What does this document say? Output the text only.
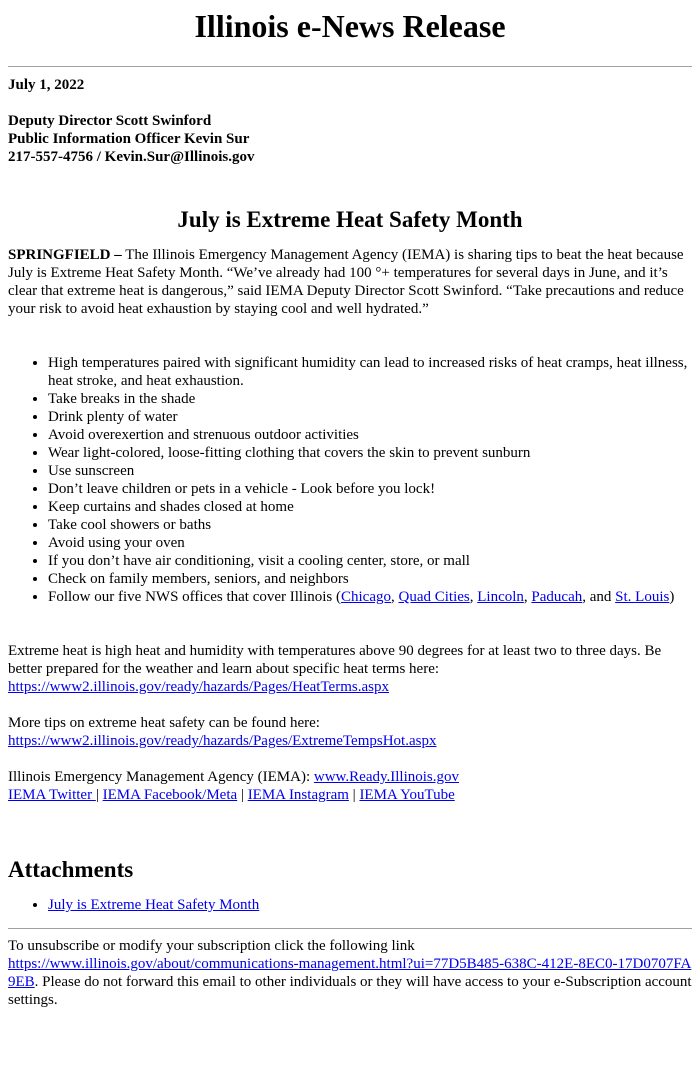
Illinois e-News Release
July 1, 2022
Deputy Director Scott Swinford
Public Information Officer Kevin Sur
217-557-4756 / Kevin.Sur@Illinois.gov
July is Extreme Heat Safety Month

SPRINGFIELD – The Illinois Emergency Management Agency (IEMA) is sharing tips to beat the heat because July is Extreme Heat Safety Month. “We’ve already had 100 °+ temperatures for several days in June, and it’s clear that extreme heat is dangerous,” said IEMA Deputy Director Scott Swinford. “Take precautions and reduce your risk to avoid heat exhaustion by staying cool and well hydrated.”

• High temperatures paired with significant humidity can lead to increased risks of heat cramps, heat illness, heat stroke, and heat exhaustion.
• Take breaks in the shade
• Drink plenty of water
• Avoid overexertion and strenuous outdoor activities
• Wear light-colored, loose-fitting clothing that covers the skin to prevent sunburn
• Use sunscreen
• Don’t leave children or pets in a vehicle - Look before you lock!
• Keep curtains and shades closed at home
• Take cool showers or baths
• Avoid using your oven
• If you don’t have air conditioning, visit a cooling center, store, or mall
• Check on family members, seniors, and neighbors
• Follow our five NWS offices that cover Illinois (Chicago, Quad Cities, Lincoln, Paducah, and St. Louis)
Extreme heat is high heat and humidity with temperatures above 90 degrees for at least two to three days. Be better prepared for the weather and learn about specific heat terms here:
https://www2.illinois.gov/ready/hazards/Pages/HeatTerms.aspx
More tips on extreme heat safety can be found here:
https://www2.illinois.gov/ready/hazards/Pages/ExtremeTempsHot.aspx
Illinois Emergency Management Agency (IEMA): www.Ready.Illinois.gov
IEMA Twitter | IEMA Facebook/Meta | IEMA Instagram | IEMA YouTube
Attachments
• July is Extreme Heat Safety Month
To unsubscribe or modify your subscription click the following link
https://www.illinois.gov/about/communications-management.html?ui=77D5B485-638C-412E-8EC0-17D0707FA9EB. Please do not forward this email to other individuals or they will have access to your e-Subscription account settings.
